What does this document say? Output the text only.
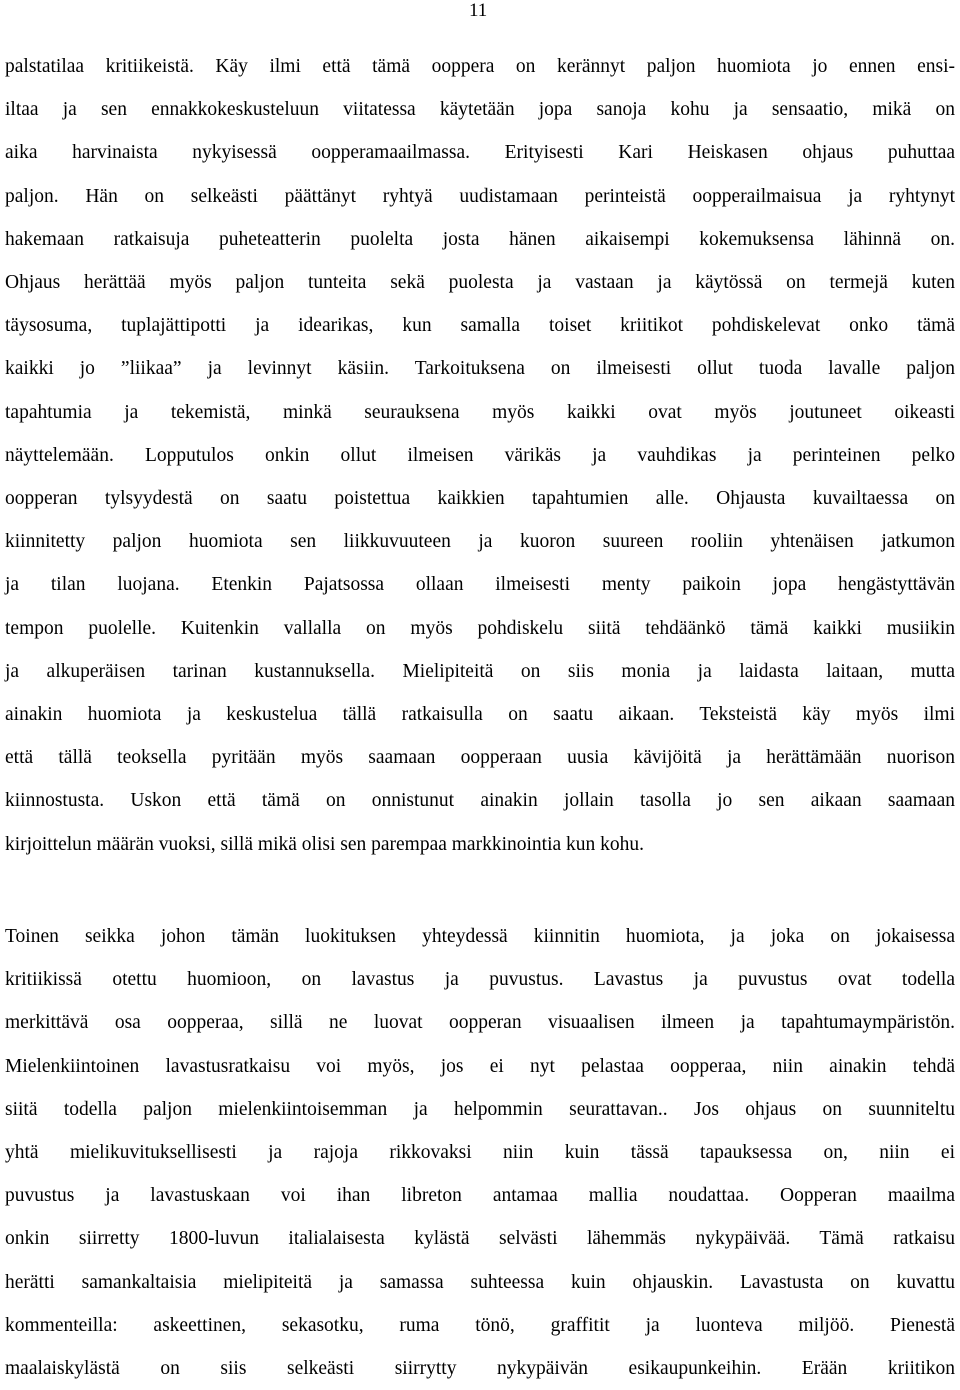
11
palstatilaa kritiikeistä. Käy ilmi että tämä ooppera on kerännyt paljon huomiota jo ennen ensi-
iltaa ja sen ennakkokeskusteluun viitatessa käytetään jopa sanoja kohu ja sensaatio, mikä on
aika harvinaista nykyisessä oopperamaailmassa. Erityisesti Kari Heiskasen ohjaus puhuttaa
paljon. Hän on selkeästi päättänyt ryhtyä uudistamaan perinteistä oopperailmaisua ja ryhtynyt
hakemaan ratkaisuja puheteatterin puolelta josta hänen aikaisempi kokemuksensa lähinnä on.
Ohjaus herättää myös paljon tunteita sekä puolesta ja vastaan ja käytössä on termejä kuten
täysosuma, tuplajättipotti ja idearikas, kun samalla toiset kriitikot pohdiskelevat onko tämä
kaikki jo ”liikaa” ja levinnyt käsiin. Tarkoituksena on ilmeisesti ollut tuoda lavalle paljon
tapahtumia ja tekemistä, minkä seurauksena myös kaikki ovat myös joutuneet oikeasti
näyttelemään. Lopputulos onkin ollut ilmeisen värikäs ja vauhdikas ja perinteinen pelko
oopperan tylsyydestä on saatu poistettua kaikkien tapahtumien alle. Ohjausta kuvailtaessa on
kiinnitetty paljon huomiota sen liikkuvuuteen ja kuoron suureen rooliin yhtenäisen jatkumon
ja tilan luojana. Etenkin Pajatsossa ollaan ilmeisesti menty paikoin jopa hengästyttävän
tempon puolelle. Kuitenkin vallalla on myös pohdiskelu siitä tehdäänkö tämä kaikki musiikin
ja alkuperäisen tarinan kustannuksella. Mielipiteitä on siis monia ja laidasta laitaan, mutta
ainakin huomiota ja keskustelua tällä ratkaisulla on saatu aikaan. Teksteistä käy myös ilmi
että tällä teoksella pyritään myös saamaan oopperaan uusia kävijöitä ja herättämään nuorison
kiinnostusta. Uskon että tämä on onnistunut ainakin jollain tasolla jo sen aikaan saamaan
kirjoittelun määrän vuoksi, sillä mikä olisi sen parempaa markkinointia kun kohu.
Toinen seikka johon tämän luokituksen yhteydessä kiinnitin huomiota, ja joka on jokaisessa
kritiikissä otettu huomioon, on lavastus ja puvustus. Lavastus ja puvustus ovat todella
merkittävä osa oopperaa, sillä ne luovat oopperan visuaalisen ilmeen ja tapahtumaympäristön.
Mielenkiintoinen lavastusratkaisu voi myös, jos ei nyt pelastaa oopperaa, niin ainakin tehdä
siitä todella paljon mielenkiintoisemman ja helpommin seurattavan.. Jos ohjaus on suunniteltu
yhtä mielikuvituksellisesti ja rajoja rikkovaksi niin kuin tässä tapauksessa on, niin ei
puvustus ja lavastuskaan voi ihan libreton antamaa mallia noudattaa. Oopperan maailma
onkin siirretty 1800-luvun italialaisesta kylästä selvästi lähemmäs nykypäivää. Tämä ratkaisu
herätti samankaltaisia mielipiteitä ja samassa suhteessa kuin ohjauskin. Lavastusta on kuvattu
kommenteilla: askeettinen, sekasotku, ruma tönö, graffitit ja luonteva miljöö. Pienestä
maalaiskylästä on siis selkeästi siirrytty nykypäivän esikaupunkeihin. Erään kriitikon
